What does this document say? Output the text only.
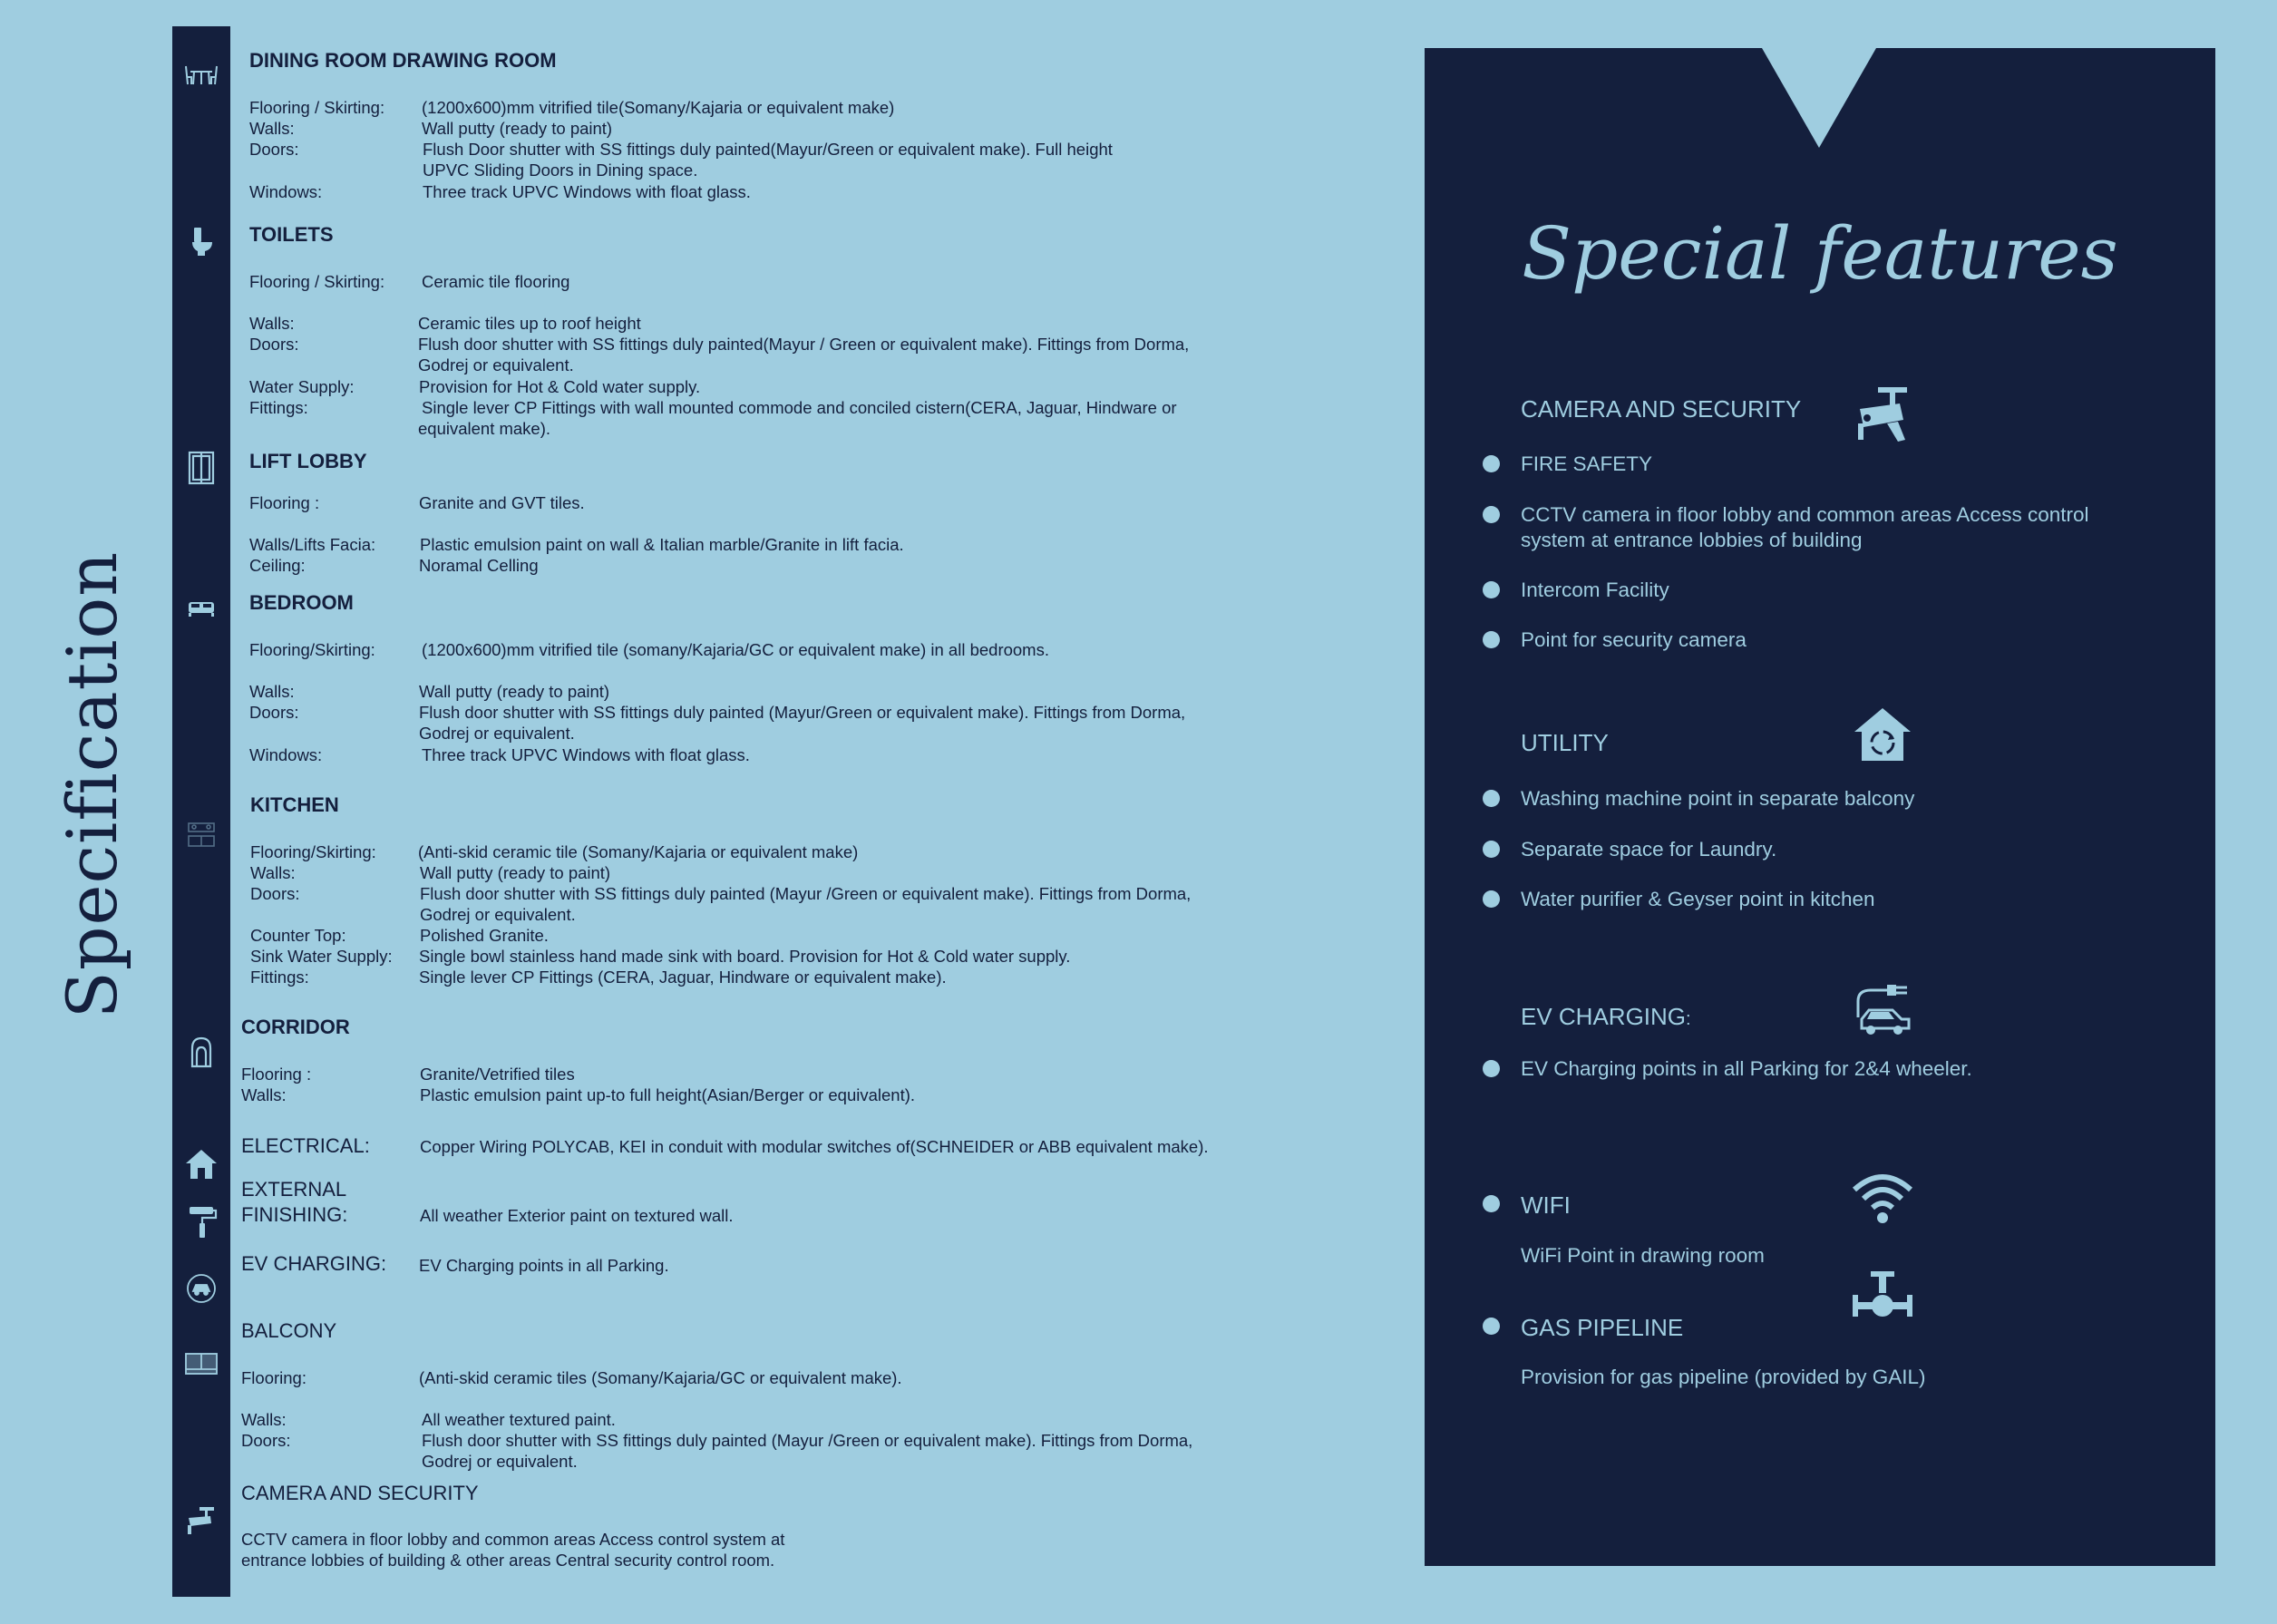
Specification
DINING ROOM DRAWING ROOM
Flooring / Skirting: (1200x600)mm vitrified tile(Somany/Kajaria or equivalent make)
Walls:	Wall putty (ready to paint)
Doors:	Flush Door shutter with SS fittings duly painted(Mayur/Green or equivalent make). Full height
UPVC Sliding Doors in Dining space.
Windows:	Three track UPVC Windows with float glass.
TOILETS
Flooring / Skirting: Ceramic tile flooring
Walls:	Ceramic tiles up to roof height
Doors:	Flush door shutter with SS fittings duly painted(Mayur / Green or equivalent make). Fittings from Dorma,
Godrej or equivalent.
Water Supply:	Provision for Hot & Cold water supply.
Fittings:	Single lever CP Fittings with wall mounted commode and conciled cistern(CERA, Jaguar, Hindware or
equivalent make).
LIFT LOBBY
Flooring :	Granite and GVT tiles.
Walls/Lifts Facia:	Plastic emulsion paint on wall & Italian marble/Granite in lift facia.
Ceiling:	Noramal Celling
BEDROOM
Flooring/Skirting:	(1200x600)mm vitrified tile (somany/Kajaria/GC or equivalent make) in all bedrooms.
Walls:	Wall putty (ready to paint)
Doors:	Flush door shutter with SS fittings duly painted (Mayur/Green or equivalent make). Fittings from Dorma,
Godrej or equivalent.
Windows:	Three track UPVC Windows with float glass.
KITCHEN
Flooring/Skirting: (Anti-skid ceramic tile (Somany/Kajaria or equivalent make)
Walls:	Wall putty (ready to paint)
Doors:	Flush door shutter with SS fittings duly painted (Mayur /Green or equivalent make). Fittings from Dorma,
Godrej or equivalent.
Counter Top:	Polished Granite.
Sink Water Supply: Single bowl stainless hand made sink with board. Provision for Hot & Cold water supply.
Fittings:	Single lever CP Fittings (CERA, Jaguar, Hindware or equivalent make).
CORRIDOR
Flooring :	Granite/Vetrified tiles
Walls:	Plastic emulsion paint up-to full height(Asian/Berger or equivalent).
ELECTRICAL:	Copper Wiring POLYCAB, KEI in conduit with modular switches of(SCHNEIDER or ABB equivalent make).
EXTERNAL
FINISHING:	All weather Exterior paint on textured wall.
EV CHARGING: EV Charging points in all Parking.
BALCONY
Flooring:	(Anti-skid ceramic tiles (Somany/Kajaria/GC or equivalent make).
Walls:	All weather textured paint.
Doors:	Flush door shutter with SS fittings duly painted (Mayur /Green or equivalent make). Fittings from Dorma,
Godrej or equivalent.
CAMERA AND SECURITY
CCTV camera in floor lobby and common areas Access control system at
entrance lobbies of building & other areas Central security control room.
Special features
CAMERA AND SECURITY
FIRE SAFETY
CCTV camera in floor lobby and common areas Access control
system at entrance lobbies of building
Intercom Facility
Point for security camera
UTILITY
Washing machine point in separate balcony
Separate space for Laundry.
Water purifier & Geyser point in kitchen
EV CHARGING:
EV Charging points in all Parking for 2&4 wheeler.
WIFI
WiFi Point in drawing room
GAS PIPELINE
Provision for gas pipeline (provided by GAIL)
